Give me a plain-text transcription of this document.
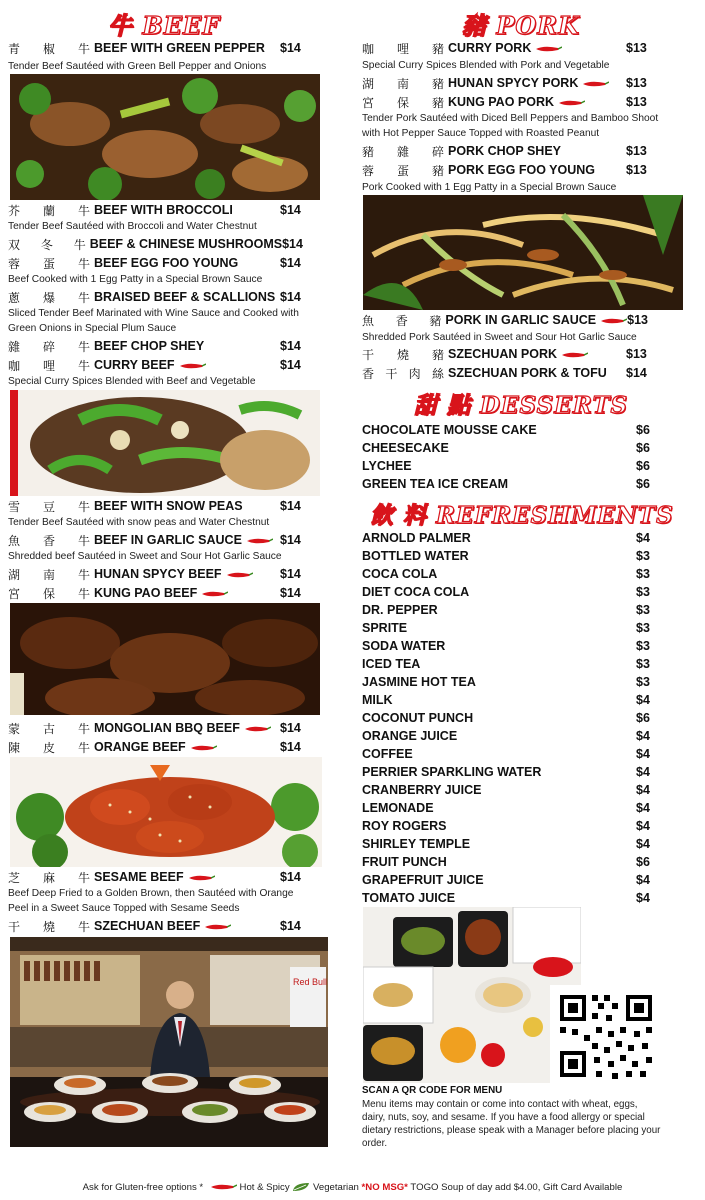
牛 BEEF
青 椒 牛 BEEF WITH GREEN PEPPER	$14
Tender Beef Sautéed with Green Bell Pepper and Onions
芥 蘭 牛 BEEF WITH BROCCOLI	$14
Tender Beef Sautéed with Broccoli and Water Chestnut
双 冬 牛 BEEF & CHINESE MUSHROOMS $14
蓉 蛋 牛 BEEF EGG FOO YOUNG	$14
Beef Cooked with 1 Egg Patty in a Special Brown Sauce
蔥 爆 牛 BRAISED BEEF & SCALLIONS $14
Sliced Tender Beef Marinated with Wine Sauce and Cooked with Green Onions in Special Plum Sauce
雜 碎 牛 BEEF CHOP SHEY	$14
咖 哩 牛 CURRY BEEF	$14
Special Curry Spices Blended with Beef and Vegetable
雪 豆 牛 BEEF WITH SNOW PEAS	$14
Tender Beef Sautéed with snow peas and Water Chestnut
魚 香 牛 BEEF IN GARLIC SAUCE	$14
Shredded beef Sautéed in Sweet and Sour Hot Garlic Sauce
湖 南 牛 HUNAN SPYCY BEEF	$14
宮 保 牛 KUNG PAO BEEF	$14
蒙 古 牛 MONGOLIAN BBQ BEEF	$14
陳 皮 牛 ORANGE BEEF	$14
芝 麻 牛 SESAME BEEF	$14
Beef Deep Fried to a Golden Brown, then Sautéed with Orange Peel in a Sweet Sauce Topped with Sesame Seeds
干 燒 牛 SZECHUAN BEEF	$14
Red Bull
豬 PORK
咖 哩 豬 CURRY PORK	$13
Special Curry Spices Blended with Pork and Vegetable
湖 南 豬 HUNAN SPYCY PORK	$13
宮 保 豬 KUNG PAO PORK	$13
Tender Pork Sautéed with Diced Bell Peppers and Bamboo Shoot with Hot Pepper Sauce Topped with Roasted Peanut
豬 雜 碎 PORK CHOP SHEY	$13
蓉 蛋 豬 PORK EGG FOO YOUNG	$13
Pork Cooked with 1 Egg Patty in a Special Brown Sauce
魚 香 豬 PORK IN GARLIC SAUCE	$13
Shredded Pork Sautéed in Sweet and Sour Hot Garlic Sauce
干 燒 豬 SZECHUAN PORK	$13
香 干 肉 絲 SZECHUAN PORK & TOFU	$14
甜 點 DESSERTS
CHOCOLATE MOUSSE CAKE	$6
CHEESECAKE	$6
LYCHEE	$6
GREEN TEA ICE CREAM	$6
飲 料 REFRESHMENTS
ARNOLD PALMER	$4
BOTTLED WATER	$3
COCA COLA	$3
DIET COCA COLA	$3
DR. PEPPER	$3
SPRITE	$3
SODA WATER	$3
ICED TEA	$3
JASMINE HOT TEA	$3
MILK	$4
COCONUT PUNCH	$6
ORANGE JUICE	$4
COFFEE	$4
PERRIER SPARKLING WATER	$4
CRANBERRY JUICE	$4
LEMONADE	$4
ROY ROGERS	$4
SHIRLEY TEMPLE	$4
FRUIT PUNCH	$6
GRAPEFRUIT JUICE	$4
TOMATO JUICE	$4
SCAN A QR CODE FOR MENU
Menu items may contain or come into contact with wheat, eggs, dairy, nuts, soy, and sesame. If you have a food allergy or special dietary restrictions, please speak with a Manager before placing your order.
Ask for Gluten-free options *	Hot & Spicy Vegetarian *NO MSG* TOGO Soup of day add $4.00, Gift Card Available
